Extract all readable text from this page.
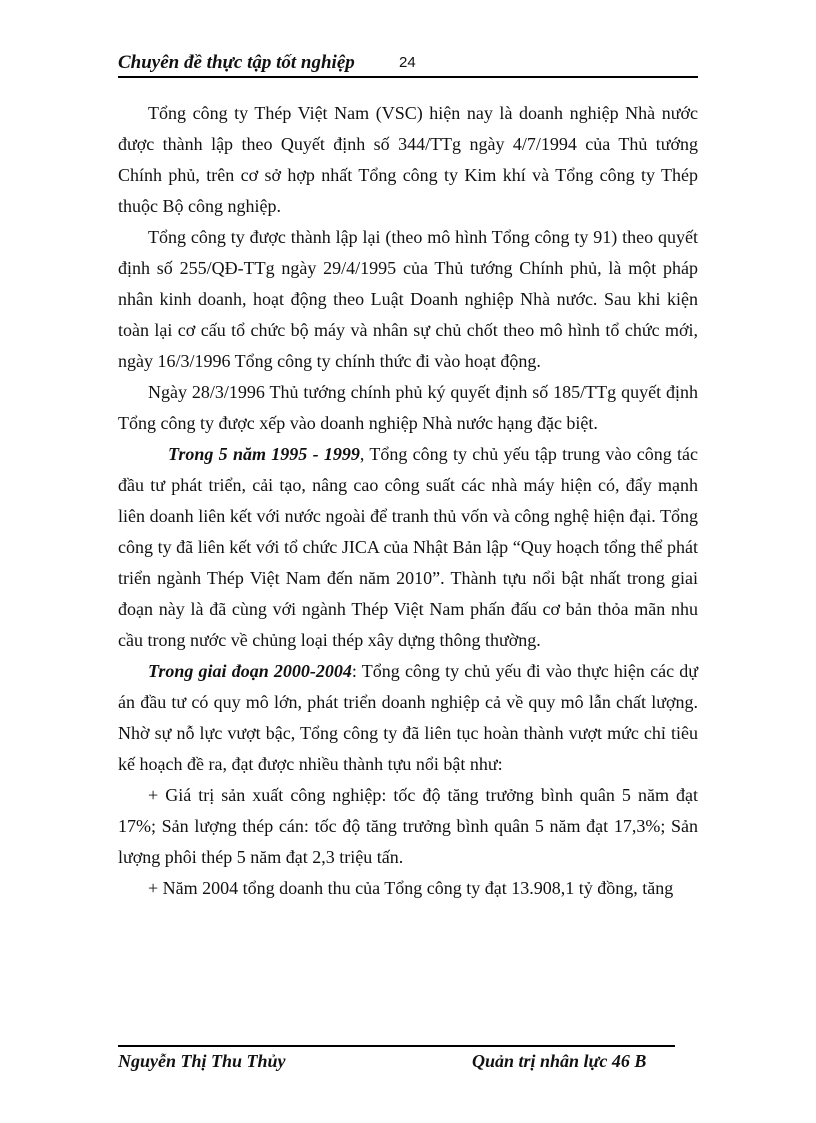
Chuyên đề thực tập tốt nghiệp	24

Tổng công ty Thép Việt Nam (VSC) hiện nay là doanh nghiệp Nhà nước được thành lập theo Quyết định số 344/TTg ngày 4/7/1994 của Thủ tướng Chính phủ, trên cơ sở hợp nhất Tổng công ty Kim khí và Tổng công ty Thép thuộc Bộ công nghiệp.

Tổng công ty được thành lập lại (theo mô hình Tổng công ty 91) theo quyết định số 255/QĐ-TTg ngày 29/4/1995 của Thủ tướng Chính phủ, là một pháp nhân kinh doanh, hoạt động theo Luật Doanh nghiệp Nhà nước. Sau khi kiện toàn lại cơ cấu tổ chức bộ máy và nhân sự chủ chốt theo mô hình tổ chức mới, ngày 16/3/1996 Tổng công ty chính thức đi vào hoạt động.

Ngày 28/3/1996 Thủ tướng chính phủ ký quyết định số 185/TTg quyết định Tổng công ty được xếp vào doanh nghiệp Nhà nước hạng đặc biệt.

Trong 5 năm 1995 - 1999, Tổng công ty chủ yếu tập trung vào công tác đầu tư phát triển, cải tạo, nâng cao công suất các nhà máy hiện có, đẩy mạnh liên doanh liên kết với nước ngoài để tranh thủ vốn và công nghệ hiện đại. Tổng công ty đã liên kết với tổ chức JICA của Nhật Bản lập “Quy hoạch tổng thể phát triển ngành Thép Việt Nam đến năm 2010”. Thành tựu nổi bật nhất trong giai đoạn này là đã cùng với ngành Thép Việt Nam phấn đấu cơ bản thỏa mãn nhu cầu trong nước về chủng loại thép xây dựng thông thường.

Trong giai đoạn 2000-2004: Tổng công ty chủ yếu đi vào thực hiện các dự án đầu tư có quy mô lớn, phát triển doanh nghiệp cả về quy mô lẫn chất lượng. Nhờ sự nỗ lực vượt bậc, Tổng công ty đã liên tục hoàn thành vượt mức chỉ tiêu kế hoạch đề ra, đạt được nhiều thành tựu nổi bật như:

+ Giá trị sản xuất công nghiệp: tốc độ tăng trưởng bình quân 5 năm đạt 17%; Sản lượng thép cán: tốc độ tăng trưởng bình quân 5 năm đạt 17,3%; Sản lượng phôi thép 5 năm đạt 2,3 triệu tấn.

+ Năm 2004 tổng doanh thu của Tổng công ty đạt 13.908,1 tỷ đồng, tăng

Nguyễn Thị Thu Thủy	Quản trị nhân lực 46 B
